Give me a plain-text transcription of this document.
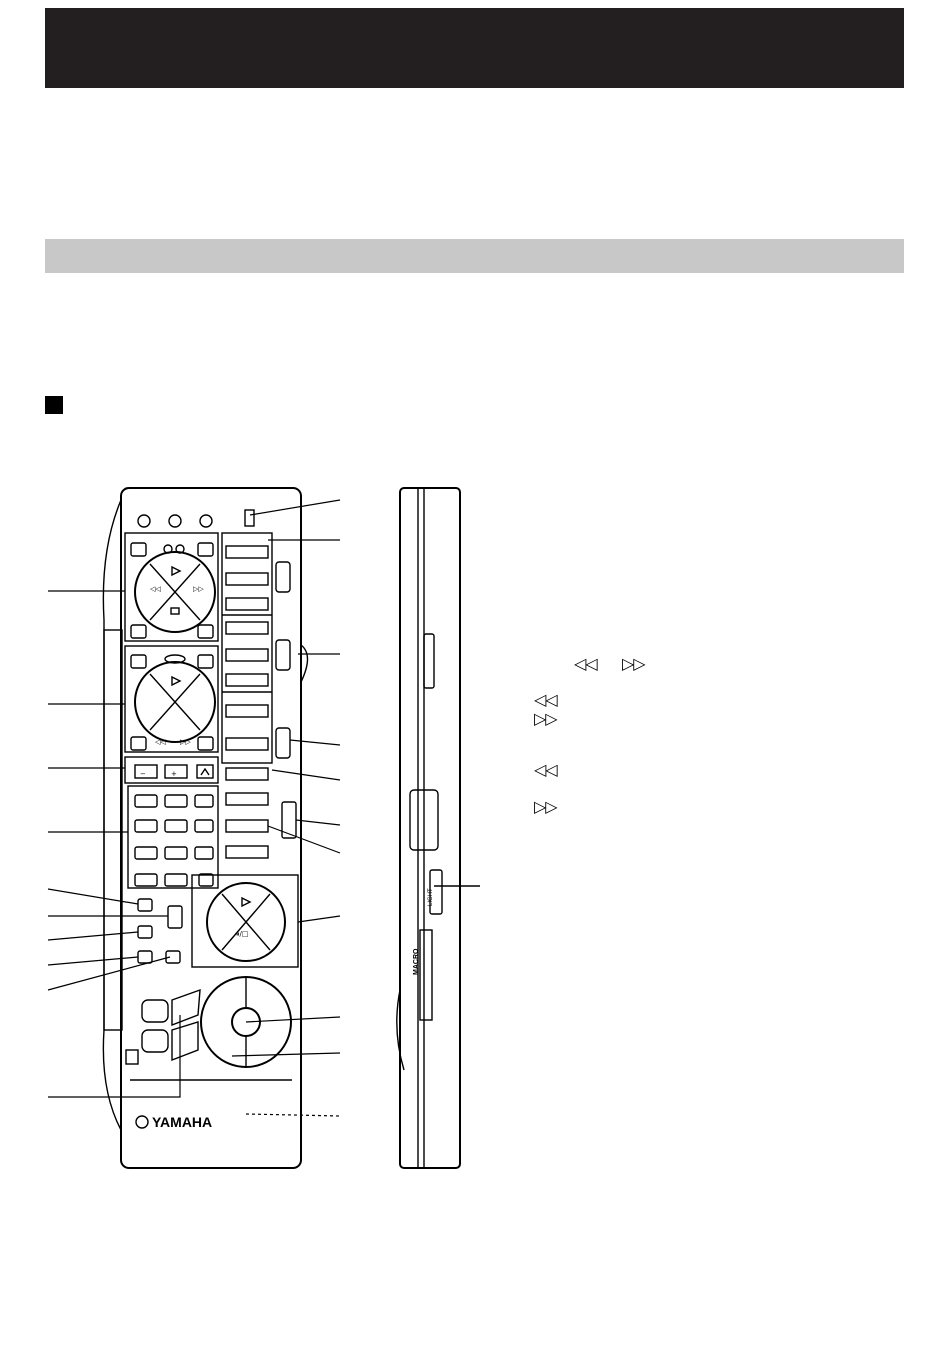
◁◁	▷▷
◁◁ ▷▷
−	+
⏸/□
YAMAHA
LIGHT
MACRO
◁◁ ▷▷
◁◁
▷▷
◁◁
▷▷
